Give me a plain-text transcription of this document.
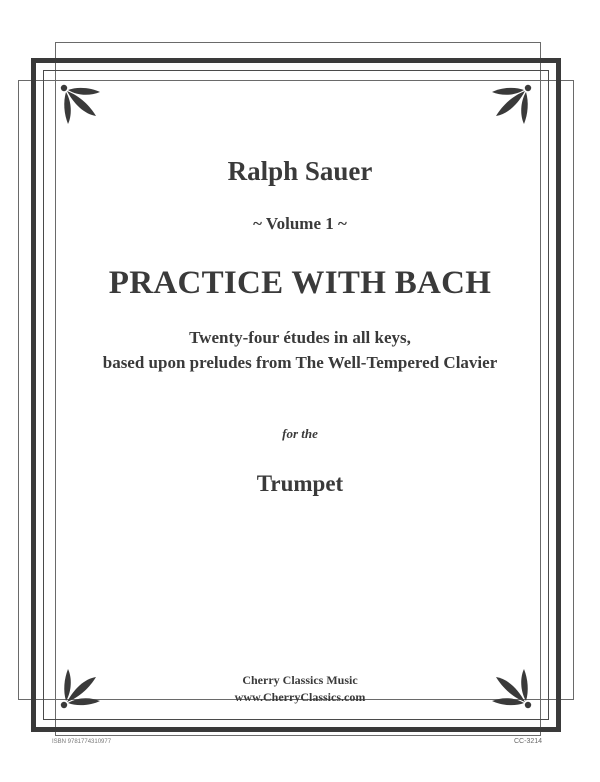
Ralph Sauer
~ Volume 1 ~
PRACTICE WITH BACH
Twenty-four études in all keys,
based upon preludes from The Well-Tempered Clavier
for the
Trumpet
Cherry Classics Music
www.CherryClassics.com
ISBN 9781774310977	CC-3214
